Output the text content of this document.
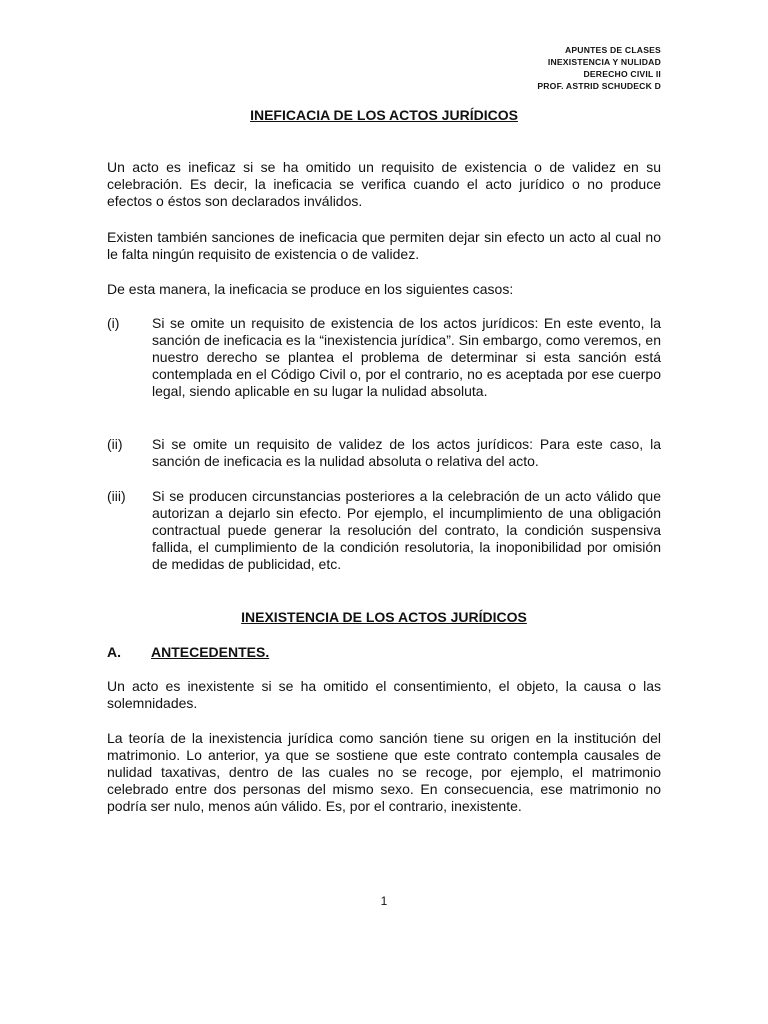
APUNTES DE CLASES
INEXISTENCIA Y NULIDAD
DERECHO CIVIL II
PROF. ASTRID SCHUDECK D
INEFICACIA DE LOS ACTOS JURÍDICOS

Un acto es ineficaz si se ha omitido un requisito de existencia o de validez en su celebración. Es decir, la ineficacia se verifica cuando el acto jurídico o no produce efectos o éstos son declarados inválidos.

Existen también sanciones de ineficacia que permiten dejar sin efecto un acto al cual no le falta ningún requisito de existencia o de validez.

De esta manera, la ineficacia se produce en los siguientes casos:

(i) Si se omite un requisito de existencia de los actos jurídicos: En este evento, la sanción de ineficacia es la “inexistencia jurídica”. Sin embargo, como veremos, en nuestro derecho se plantea el problema de determinar si esta sanción está contemplada en el Código Civil o, por el contrario, no es aceptada por ese cuerpo legal, siendo aplicable en su lugar la nulidad absoluta.

(ii) Si se omite un requisito de validez de los actos jurídicos: Para este caso, la sanción de ineficacia es la nulidad absoluta o relativa del acto.

(iii) Si se producen circunstancias posteriores a la celebración de un acto válido que autorizan a dejarlo sin efecto. Por ejemplo, el incumplimiento de una obligación contractual puede generar la resolución del contrato, la condición suspensiva fallida, el cumplimiento de la condición resolutoria, la inoponibilidad por omisión de medidas de publicidad, etc.

INEXISTENCIA DE LOS ACTOS JURÍDICOS
A. ANTECEDENTES.

Un acto es inexistente si se ha omitido el consentimiento, el objeto, la causa o las solemnidades.

La teoría de la inexistencia jurídica como sanción tiene su origen en la institución del matrimonio. Lo anterior, ya que se sostiene que este contrato contempla causales de nulidad taxativas, dentro de las cuales no se recoge, por ejemplo, el matrimonio celebrado entre dos personas del mismo sexo. En consecuencia, ese matrimonio no podría ser nulo, menos aún válido. Es, por el contrario, inexistente.

1
